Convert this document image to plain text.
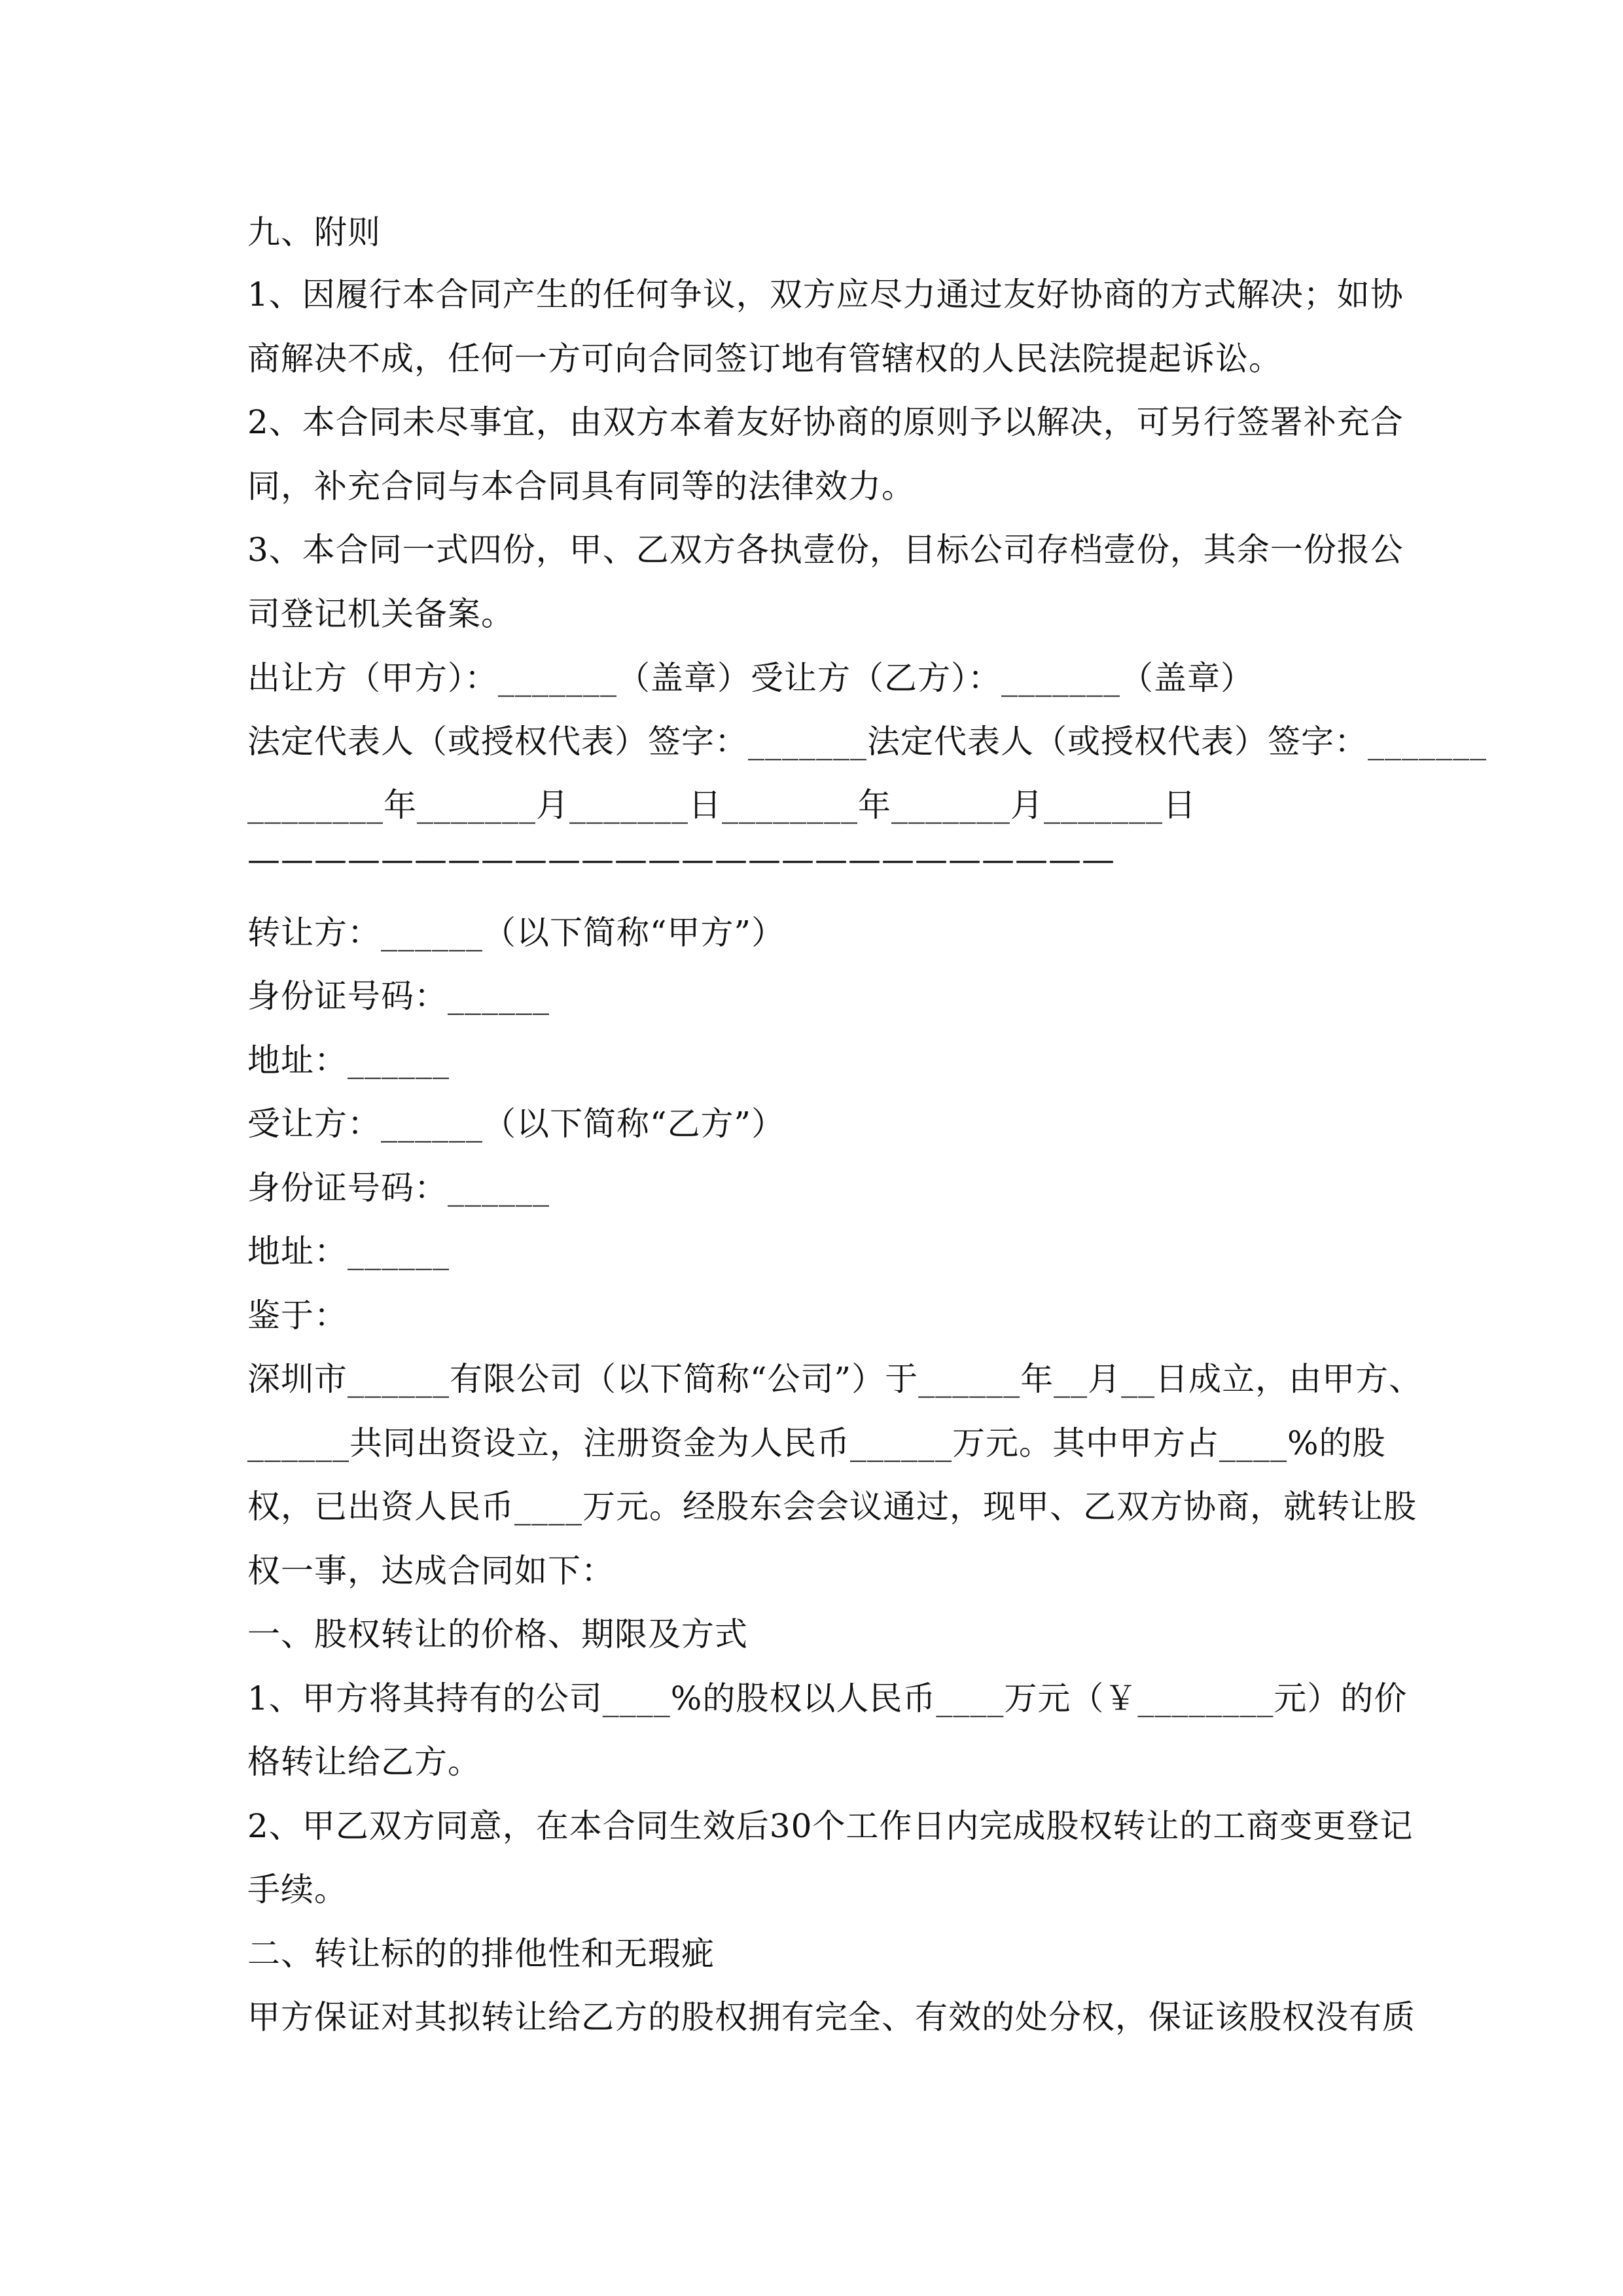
九、附则
1、因履行本合同产生的任何争议，双方应尽力通过友好协商的方式解决；如协
商解决不成，任何一方可向合同签订地有管辖权的人民法院提起诉讼。
2、本合同未尽事宜，由双方本着友好协商的原则予以解决，可另行签署补充合
同，补充合同与本合同具有同等的法律效力。
3、本合同一式四份，甲、乙双方各执壹份，目标公司存档壹份，其余一份报公
司登记机关备案。
出让方（甲方）：_______（盖章）受让方（乙方）：_______（盖章）
法定代表人（或授权代表）签字：_______法定代表人（或授权代表）签字：_______
________年_______月_______日________年_______月_______日
——————————————————————————
转让方：______（以下简称“甲方”）
身份证号码：______
地址：______
受让方：______（以下简称“乙方”）
身份证号码：______
地址：______
鉴于：
深圳市______有限公司（以下简称“公司”）于______年__月__日成立，由甲方、
______共同出资设立，注册资金为人民币______万元。其中甲方占____%的股
权，已出资人民币____万元。经股东会会议通过，现甲、乙双方协商，就转让股
权一事，达成合同如下：
一、股权转让的价格、期限及方式
1、甲方将其持有的公司____%的股权以人民币____万元（￥________元）的价
格转让给乙方。
2、甲乙双方同意，在本合同生效后30个工作日内完成股权转让的工商变更登记
手续。
二、转让标的的排他性和无瑕疵
甲方保证对其拟转让给乙方的股权拥有完全、有效的处分权，保证该股权没有质
